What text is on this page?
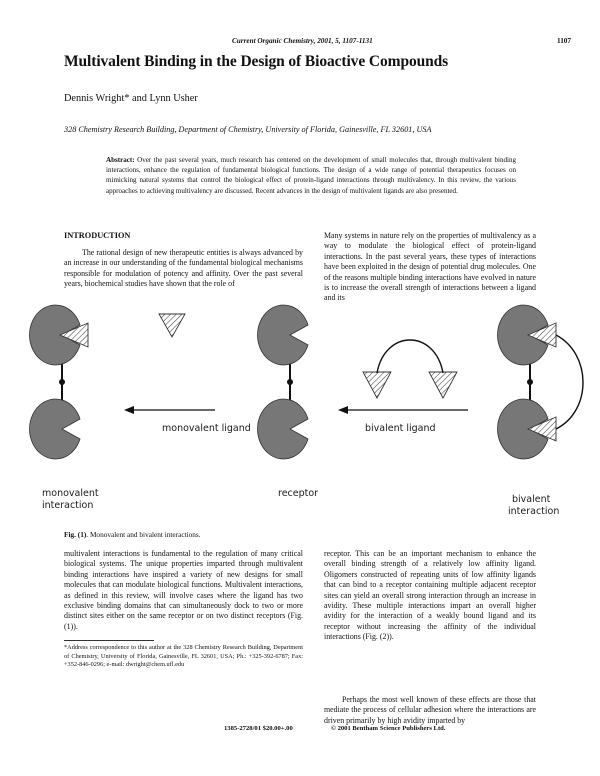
Current Organic Chemistry, 2001, 5, 1107-1131	1107
Multivalent Binding in the Design of Bioactive Compounds
Dennis Wright* and Lynn Usher
328 Chemistry Research Building, Department of Chemistry, University of Florida, Gainesville, FL 32601, USA
Abstract: Over the past several years, much research has centered on the development of small molecules that, through multivalent binding interactions, enhance the regulation of fundamental biological functions. The design of a wide range of potential therapeutics focuses on mimicking natural systems that control the biological effect of protein-ligand interactions through multivalency. In this review, the various approaches to achieving multivalency are discussed. Recent advances in the design of multivalent ligands are also presented.
INTRODUCTION

The rational design of new therapeutic entities is always advanced by an increase in our understanding of the fundamental biological mechanisms responsible for modulation of potency and affinity. Over the past several years, biochemical studies have shown that the role of

Many systems in nature rely on the properties of multivalency as a way to modulate the biological effect of protein-ligand interactions. In the past several years, these types of interactions have been exploited in the design of potential drug molecules. One of the reasons multiple binding interactions have evolved in nature is to increase the overall strength of interactions between a ligand and its

monovalent
interaction
monovalent ligand
receptor
bivalent ligand
bivalent
interaction
Fig. (1). Monovalent and bivalent interactions.

multivalent interactions is fundamental to the regulation of many critical biological systems. The unique properties imparted through multivalent binding interactions have inspired a variety of new designs for small molecules that can modulate biological functions. Multivalent interactions, as defined in this review, will involve cases where the ligand has two exclusive binding domains that can simultaneously dock to two or more distinct sites either on the same receptor or on two distinct receptors (Fig. (1)).

receptor. This can be an important mechanism to enhance the overall binding strength of a relatively low affinity ligand. Oligomers constructed of repeating units of low affinity ligands that can bind to a receptor containing multiple adjacent receptor sites can yield an overall strong interaction through an increase in avidity. These multiple interactions impart an overall higher avidity for the interaction of a weakly bound ligand and its receptor without increasing the affinity of the individual interactions (Fig. (2)).

Perhaps the most well known of these effects are those that mediate the process of cellular adhesion where the interactions are driven primarily by high avidity imparted by

*Address correspondence to this author at the 328 Chemistry Research Building, Department of Chemistry, University of Florida, Gainesville, FL 32601, USA; Ph.: +325-392-6787; Fax: +352-846-0296; e-mail: dwright@chem.ufl.edu
1385-2728/01 $20.00+.00	© 2001 Bentham Science Publishers Ltd.
